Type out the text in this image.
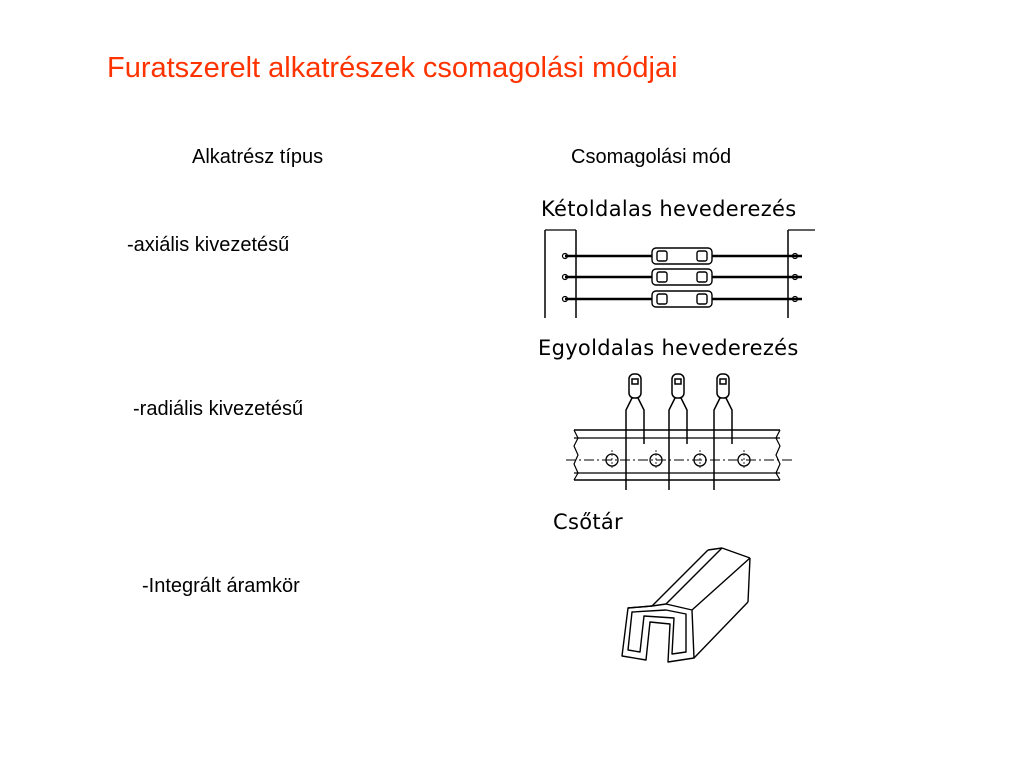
Furatszerelt alkatrészek csomagolási módjai
Alkatrész típus	Csomagolási mód
-axiális kivezetésű
-radiális kivezetésű
-Integrált áramkör
Kétoldalas hevederezés
Egyoldalas hevederezés
Csőtár
